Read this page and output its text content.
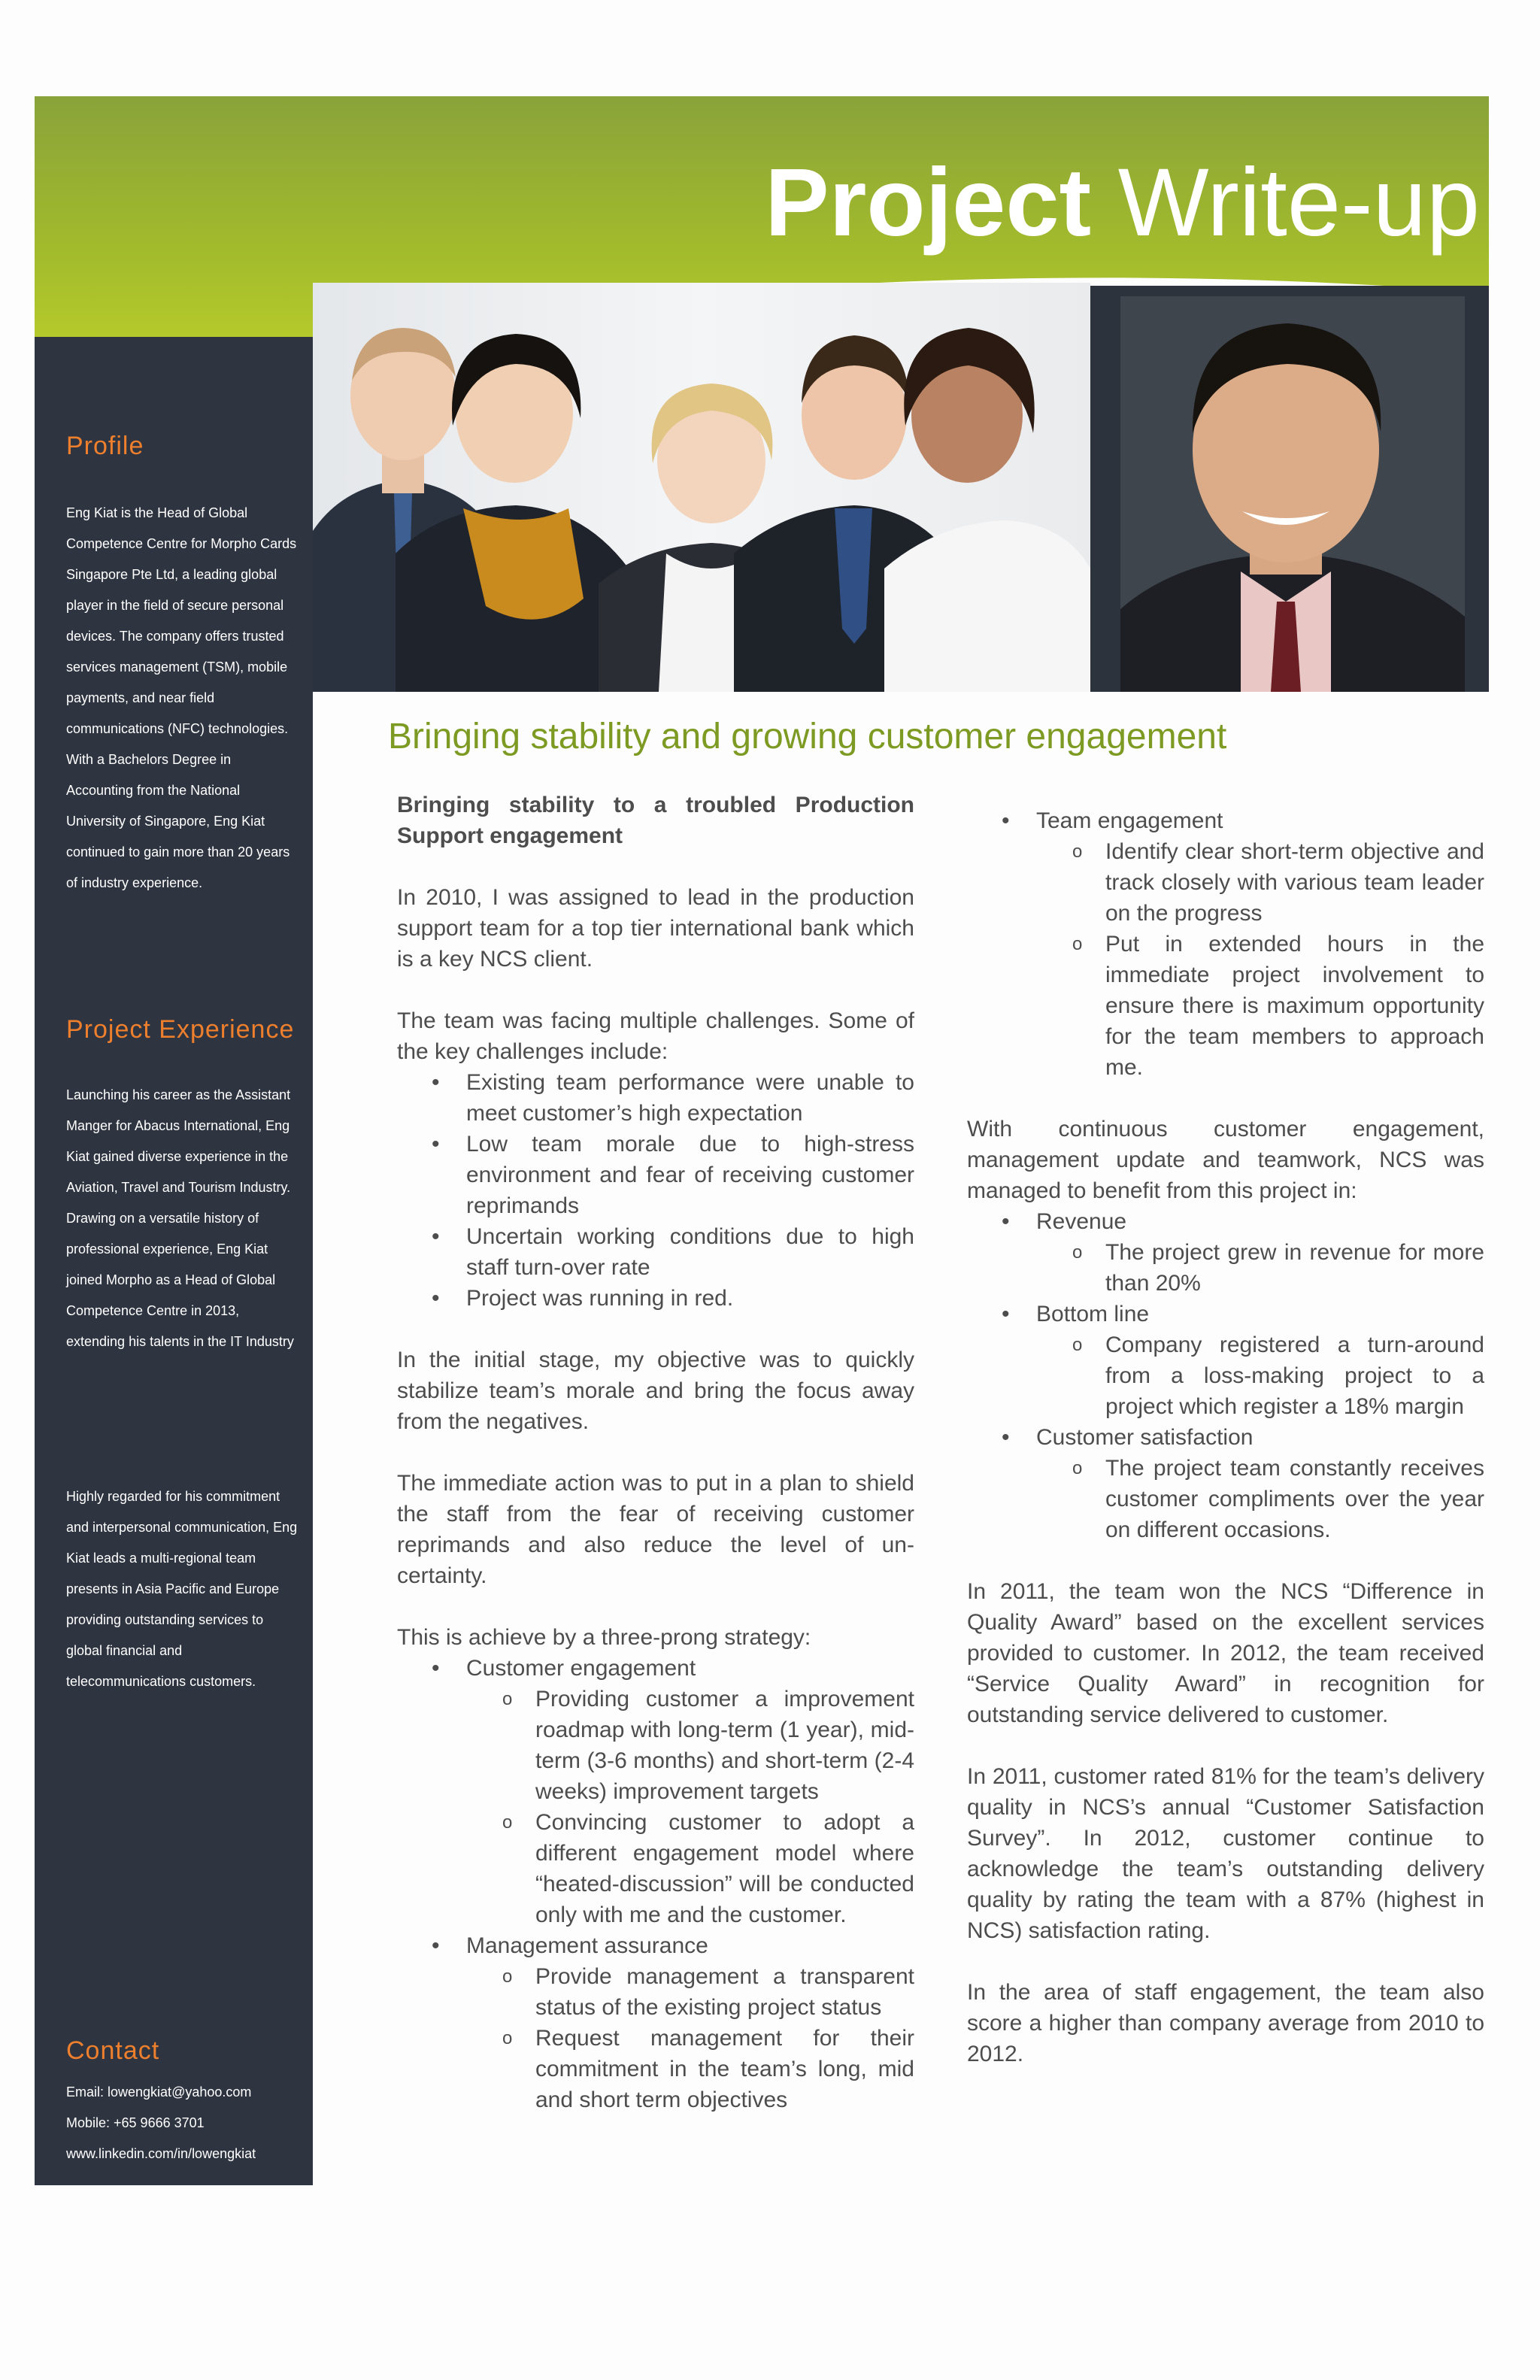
Project Write-up
Profile

Eng Kiat is the Head of Global Competence Centre for Morpho Cards Singapore Pte Ltd, a leading global player in the field of secure personal devices. The company offers trusted services management (TSM), mobile payments, and near field communications (NFC) technologies. With a Bachelors Degree in Accounting from the National University of Singapore, Eng Kiat continued to gain more than 20 years of industry experience.

Project Experience

Launching his career as the Assistant Manger for Abacus International, Eng Kiat gained diverse experience in the Aviation, Travel and Tourism Industry. Drawing on a versatile history of professional experience, Eng Kiat joined Morpho as a Head of Global Competence Centre in 2013, extending his talents in the IT Industry

Highly regarded for his commitment and interpersonal communication, Eng Kiat leads a multi-regional team presents in Asia Pacific and Europe providing outstanding services to global financial and telecommunications customers.

Contact

Email: lowengkiat@yahoo.com

Mobile: +65 9666 3701

www.linkedin.com/in/lowengkiat

Bringing stability and growing customer engagement

Bringing stability to a troubled Production Support engagement

In 2010, I was assigned to lead in the production support team for a top tier international bank which is a key NCS client.

The team was facing multiple challenges. Some of the key challenges include:

• Existing team performance were unable to meet customer’s high expectation
• Low team morale due to high-stress environment and fear of receiving customer reprimands
• Uncertain working conditions due to high staff turn-over rate
• Project was running in red.

In the initial stage, my objective was to quickly stabilize team’s morale and bring the focus away from the negatives.

The immediate action was to put in a plan to shield the staff from the fear of receiving customer reprimands and also reduce the level of un-certainty.

This is achieve by a three-prong strategy:

• Customer engagement
o Providing customer a improvement roadmap with long-term (1 year), mid-term (3-6 months) and short-term (2-4 weeks) improvement targets
o Convincing customer to adopt a different engagement model where “heated-discussion” will be conducted only with me and the customer.
• Management assurance
o Provide management a transparent status of the existing project status
o Request management for their commitment in the team’s long, mid and short term objectives
• Team engagement
o Identify clear short-term objective and track closely with various team leader on the progress
o Put in extended hours in the immediate project involvement to ensure there is maximum opportunity for the team members to approach me.

With continuous customer engagement, management update and teamwork, NCS was managed to benefit from this project in:

• Revenue
o The project grew in revenue for more than 20%
• Bottom line
o Company registered a turn-around from a loss-making project to a project which register a 18% margin
• Customer satisfaction
o The project team constantly receives customer compliments over the year on different occasions.

In 2011, the team won the NCS “Difference in Quality Award” based on the excellent services provided to customer. In 2012, the team received “Service Quality Award” in recognition for outstanding service delivered to customer.

In 2011, customer rated 81% for the team’s delivery quality in NCS’s annual “Customer Satisfaction Survey”. In 2012, customer continue to acknowledge the team’s outstanding delivery quality by rating the team with a 87% (highest in NCS) satisfaction rating.

In the area of staff engagement, the team also score a higher than company average from 2010 to 2012.
